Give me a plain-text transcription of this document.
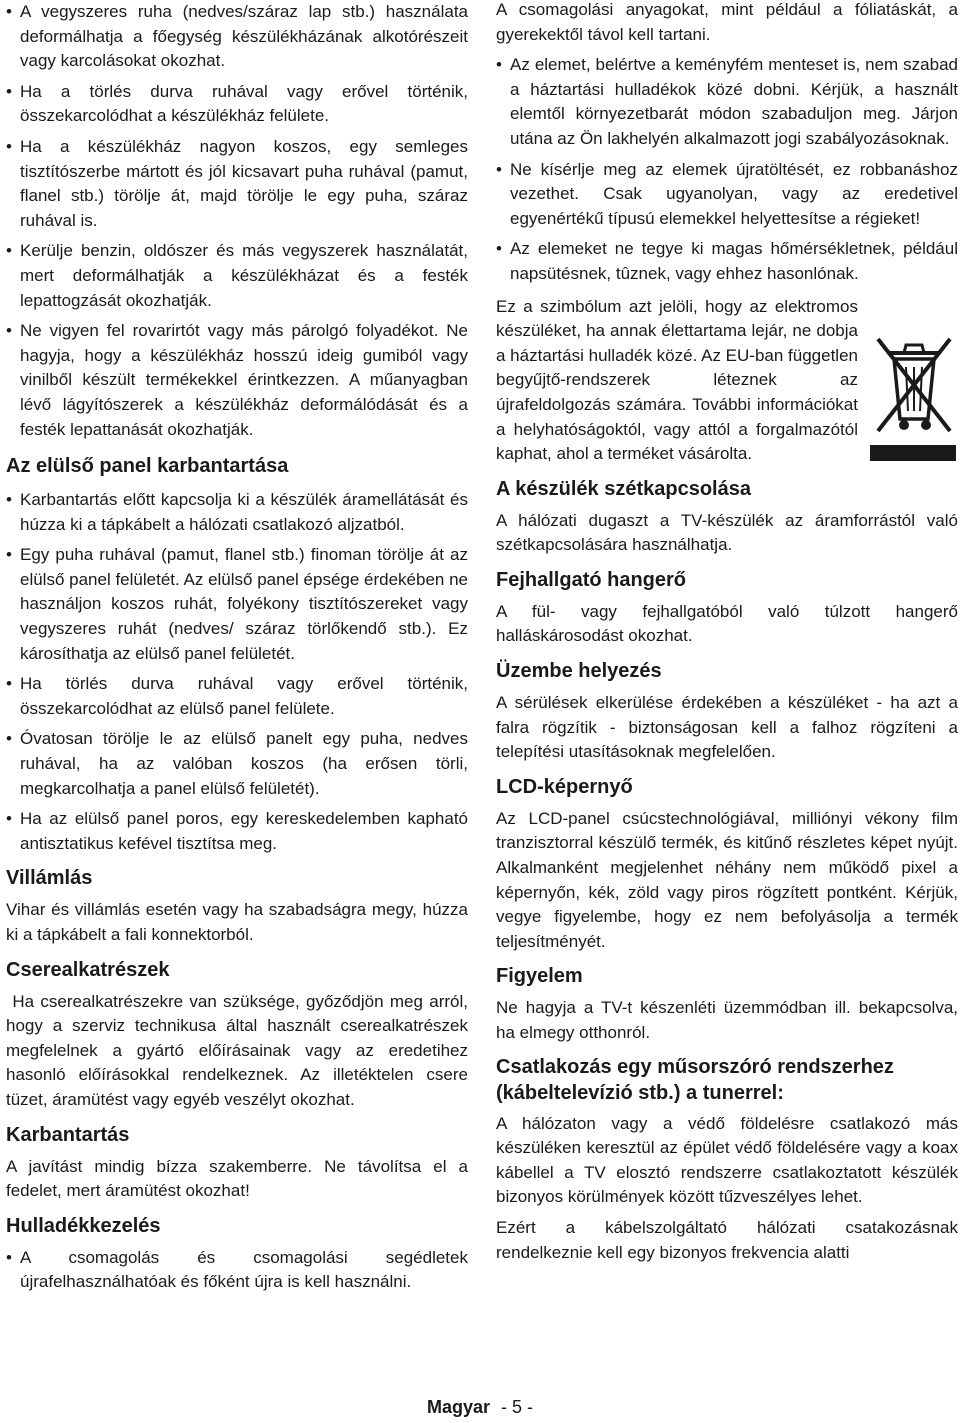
• A vegyszeres ruha (nedves/száraz lap stb.) használata deformálhatja a főegység készülékházának alkotórészeit vagy karcolásokat okozhat.

• Ha a törlés durva ruhával vagy erővel történik, összekarcolódhat a készülékház felülete.

• Ha a készülékház nagyon koszos, egy semleges tisztítószerbe mártott és jól kicsavart puha ruhával (pamut, flanel stb.) törölje át, majd törölje le egy puha, száraz ruhával is.

• Kerülje benzin, oldószer és más vegyszerek használatát, mert deformálhatják a készülékházat és a festék lepattogzását okozhatják.

• Ne vigyen fel rovarirtót vagy más párolgó folyadékot. Ne hagyja, hogy a készülékház hosszú ideig gumiból vagy vinilből készült termékekkel érintkezzen. A műanyagban lévő lágyítószerek a készülékház deformálódását és a festék lepattanását okozhatják.

Az elülső panel karbantartása

• Karbantartás előtt kapcsolja ki a készülék áramellátását és húzza ki a tápkábelt a hálózati csatlakozó aljzatból.

• Egy puha ruhával (pamut, flanel stb.) finoman törölje át az elülső panel felületét. Az elülső panel épsége érdekében ne használjon koszos ruhát, folyékony tisztítószereket vagy vegyszeres ruhát (nedves/ száraz törlőkendő stb.). Ez károsíthatja az elülső panel felületét.

• Ha törlés durva ruhával vagy erővel történik, összekarcolódhat az elülső panel felülete.

• Óvatosan törölje le az elülső panelt egy puha, nedves ruhával, ha az valóban koszos (ha erősen törli, megkarcolhatja a panel elülső felületét).

• Ha az elülső panel poros, egy kereskedelemben kapható antisztatikus kefével tisztítsa meg.

Villámlás

Vihar és villámlás esetén vagy ha szabadságra megy, húzza ki a tápkábelt a fali konnektorból.

Cserealkatrészek

Ha cserealkatrészekre van szüksége, győződjön meg arról, hogy a szerviz technikusa által használt cserealkatrészek megfelelnek a gyártó előírásainak vagy az eredetihez hasonló előírásokkal rendelkeznek. Az illetéktelen csere tüzet, áramütést vagy egyéb veszélyt okozhat.

Karbantartás

A javítást mindig bízza szakemberre. Ne távolítsa el a fedelet, mert áramütést okozhat!

Hulladékkezelés

• A csomagolás és csomagolási segédletek újrafelhasználhatóak és főként újra is kell használni.

A csomagolási anyagokat, mint például a fóliatáskát, a gyerekektől távol kell tartani.

• Az elemet, belértve a keményfém menteset is, nem szabad a háztartási hulladékok közé dobni. Kérjük, a használt elemtől környezetbarát módon szabaduljon meg. Járjon utána az Ön lakhelyén alkalmazott jogi szabályozásoknak.

• Ne kísérlje meg az elemek újratöltését, ez robbanáshoz vezethet. Csak ugyanolyan, vagy az eredetivel egyenértékű típusú elemekkel helyettesítse a régieket!

• Az elemeket ne tegye ki magas hőmérsékletnek, például napsütésnek, tûznek, vagy ehhez hasonlónak.

Ez a szimbólum azt jelöli, hogy az elektromos készüléket, ha annak élettartama lejár, ne dobja a háztartási hulladék közé. Az EU-ban független begyűjtő-rendszerek léteznek az újrafeldolgozás számára. További információkat a helyhatóságoktól, vagy attól a forgalmazótól kaphat, ahol a terméket vásárolta.

A készülék szétkapcsolása

A hálózati dugaszt a TV-készülék az áramforrástól való szétkapcsolására használhatja.

Fejhallgató hangerő

A fül- vagy fejhallgatóból való túlzott hangerő halláskárosodást okozhat.

Üzembe helyezés

A sérülések elkerülése érdekében a készüléket - ha azt a falra rögzítik - biztonságosan kell a falhoz rögzíteni a telepítési utasításoknak megfelelően.

LCD-képernyő

Az LCD-panel csúcstechnológiával, milliónyi vékony film tranzisztorral készülő termék, és kitűnő részletes képet nyújt. Alkalmanként megjelenhet néhány nem működő pixel a képernyőn, kék, zöld vagy piros rögzített pontként. Kérjük, vegye figyelembe, hogy ez nem befolyásolja a termék teljesítményét.

Figyelem

Ne hagyja a TV-t készenléti üzemmódban ill. bekapcsolva, ha elmegy otthonról.

Csatlakozás egy műsorszóró rendszerhez (kábeltelevízió stb.) a tunerrel:

A hálózaton vagy a védő földelésre csatlakozó más készüléken keresztül az épület védő földelésére vagy a koax kábellel a TV elosztó rendszerre csatlakoztatott készülék bizonyos körülmények között tűzveszélyes lehet.

Ezért a kábelszolgáltató hálózati csatakozásnak rendelkeznie kell egy bizonyos frekvencia alatti

Magyar - 5 -
